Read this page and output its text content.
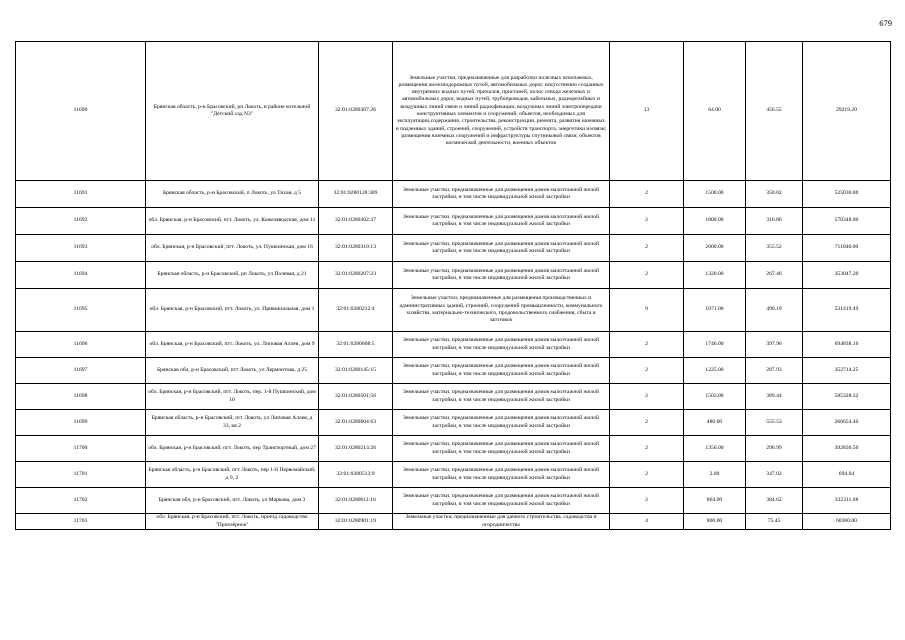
679
11690	Брянская область, р-н Брасовский, рп Локоть, в районе котельной "Детский сад N3"	32:01:0280307:26	Земельные участки, предназначенные для разработки полезных ископаемых, размещения железнодорожных путей, автомобильных дорог, искусственно созданных внутренних водных путей, причалов, пристаней, полос отвода железных и автомобильных дорог, водных путей, трубопроводов, кабельных, радиорелейных и воздушных линий связи и линий радиофикации, воздушных линий электропередачи конструктивных элементов и сооружений, объектов, необходимых для эксплуатации,содержания, строительства, реконструкции, ремонта, развития наземных и подземных зданий, строений, сооружений, устройств транспорта, энергетики иэсвязи; размещения наземных сооружений и инфраструктуры спутниковой связи, объектов космической деятельности, военных объектов	13	64.00	456.55	29219.20
11691	Брянская область, р-н Брасовский, п Локоть, ул Тихая, д 5	32:01:0280128:309	Земельные участки, предназначенные для размещения домов малоэтажной жилой застройки, в том числе индивидуальной жилой застройки	2	1500.00	350.02	525030.00
11692	обл. Брянская, р-н Брасовский, пгт. Локоть, ул. Кожезаводская, дом 11	32:01:0280302:37	Земельные участки, предназначенные для размещения домов малоэтажной жилой застройки, в том числе индивидуальной жилой застройки	2	1800.00	316.86	570348.00
11693	обл. Брянская, р-н Брасовский, пгт. Локоть, ул. Пушкинская, дом 16	32:01:0280310:13	Земельные участки, предназначенные для размещения домов малоэтажной жилой застройки, в том числе индивидуальной жилой застройки	2	2000.00	355.52	711040.00
11694	Брянская область, р-н Брасовский, рп Локоть, ул Полевая, д 21	32:01:0280207:23	Земельные участки, предназначенные для размещения домов малоэтажной жилой застройки, в том числе индивидуальной жилой застройки	2	1320.00	267.46	353047.20
11695	обл. Брянская, р-н Брасовский, пгт. Локоть, ул. Привокзальная, дом 1	32:01:0280212:4	Земельные участки, предназначенные для размещения производственных и административных зданий, строений, сооружений промышленности, коммунального хозяйства, материально-технического, продовольственного снабжения, сбыта и заготовок	9	1071.00	496.19	531419.49
11696	обл. Брянская, р-н Брасовский, пгт. Локоть, ул. Липовая Аллея, дом 9	32:01:0280608:5	Земельные участки, предназначенные для размещения домов малоэтажной жилой застройки, в том числе индивидуальной жилой застройки	2	1746.00	397.96	694838.16
11697	Брянская обл, р-н Брасовский, пгт Локоть, ул Лермонтова, д 25	32:01:0280145:15	Земельные участки, предназначенные для размещения домов малоэтажной жилой застройки, в том числе индивидуальной жилой застройки	2	1225.00	287.93	352714.25
11698	обл. Брянская, р-н Брасовский, пгт. Локоть, пер. 1-й Пушкинский, дом 10	32:01:0280501:56	Земельные участки, предназначенные для размещения домов малоэтажной жилой застройки, в том числе индивидуальной жилой застройки	2	1503.00	389.44	585328.32
11699	Брянская область, р-н Брасовский, пгт Локоть, ул Липовая Аллея, д 33, кв 2	32:01:0280604:63	Земельные участки, предназначенные для размещения домов малоэтажной жилой застройки, в том числе индивидуальной жилой застройки	2	480.00	555.53	266654.40
11700	обл. Брянская, р-н Брасовский, пгт. Локоть, пер Транспортный, дом 27	32:01:0280213:26	Земельные участки, предназначенные для размещения домов малоэтажной жилой застройки, в том числе индивидуальной жилой застройки	2	1350.00	290.99	392836.50
11701	Брянская область, р-н Брасовский, пгт Локоть, пер 1-й Первомайский, д 9, 2	32:01:0280513:9	Земельные участки, предназначенные для размещения домов малоэтажной жилой застройки, в том числе индивидуальной жилой застройки	2	2.00	347.02	694.04
11702	Брянская обл, р-н Брасовский, пгт. Локоть, ул Маркова, дом 3	32:01:0280611:16	Земельные участки, предназначенные для размещения домов малоэтажной жилой застройки, в том числе индивидуальной жилой застройки	2	864.00	384.62	332311.68
11703	обл. Брянская, р-н Брасовский, пгт. Локоть, проезд садоводство "Приозёрное"	32:01:0280901:19	Земельные участки, предназначенные для дачного строительства, садоводства и огородничества	4	800.00	75.45	60360.00
